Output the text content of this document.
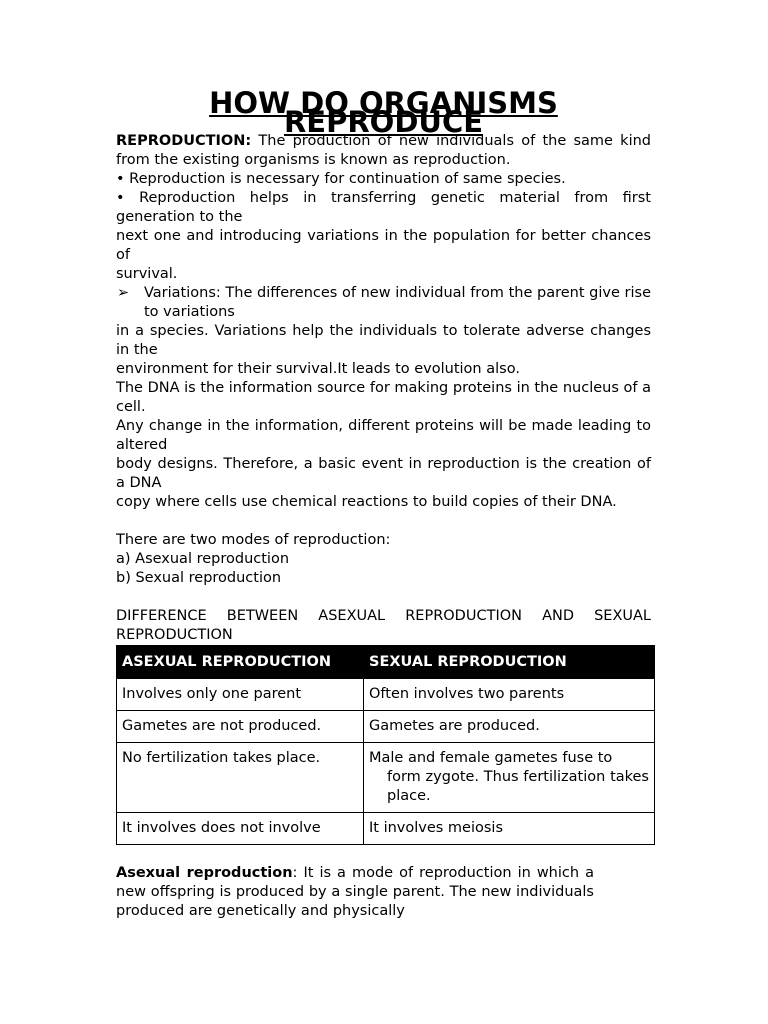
HOW DO ORGANISMS REPRODUCE

REPRODUCTION: The production of new individuals of the same kind from the existing organisms is known as reproduction.

• Reproduction is necessary for continuation of same species.

• Reproduction helps in transferring genetic material from first generation to the

next one and introducing variations in the population for better chances of

survival.

➢	Variations: The differences of new individual from the parent give rise to variations

in a species. Variations help the individuals to tolerate adverse changes in the

environment for their survival.It leads to evolution also.

The DNA is the information source for making proteins in the nucleus of a cell.

Any change in the information, different proteins will be made leading to altered

body designs. Therefore, a basic event in reproduction is the creation of a DNA

copy where cells use chemical reactions to build copies of their DNA.

There are two modes of reproduction:

a) Asexual reproduction

b) Sexual reproduction

DIFFERENCE BETWEEN ASEXUAL REPRODUCTION AND SEXUAL REPRODUCTION

ASEXUAL REPRODUCTION	SEXUAL REPRODUCTION
Involves only one parent	Often involves two parents
Gametes are not produced.	Gametes are produced.
No fertilization takes place.	Male and female gametes fuse to
form zygote. Thus fertilization takes place.

It involves does not involve	It involves meiosis

Asexual reproduction: It is a mode of reproduction in which a new offspring is produced by a single parent. The new individuals produced are genetically and physically
